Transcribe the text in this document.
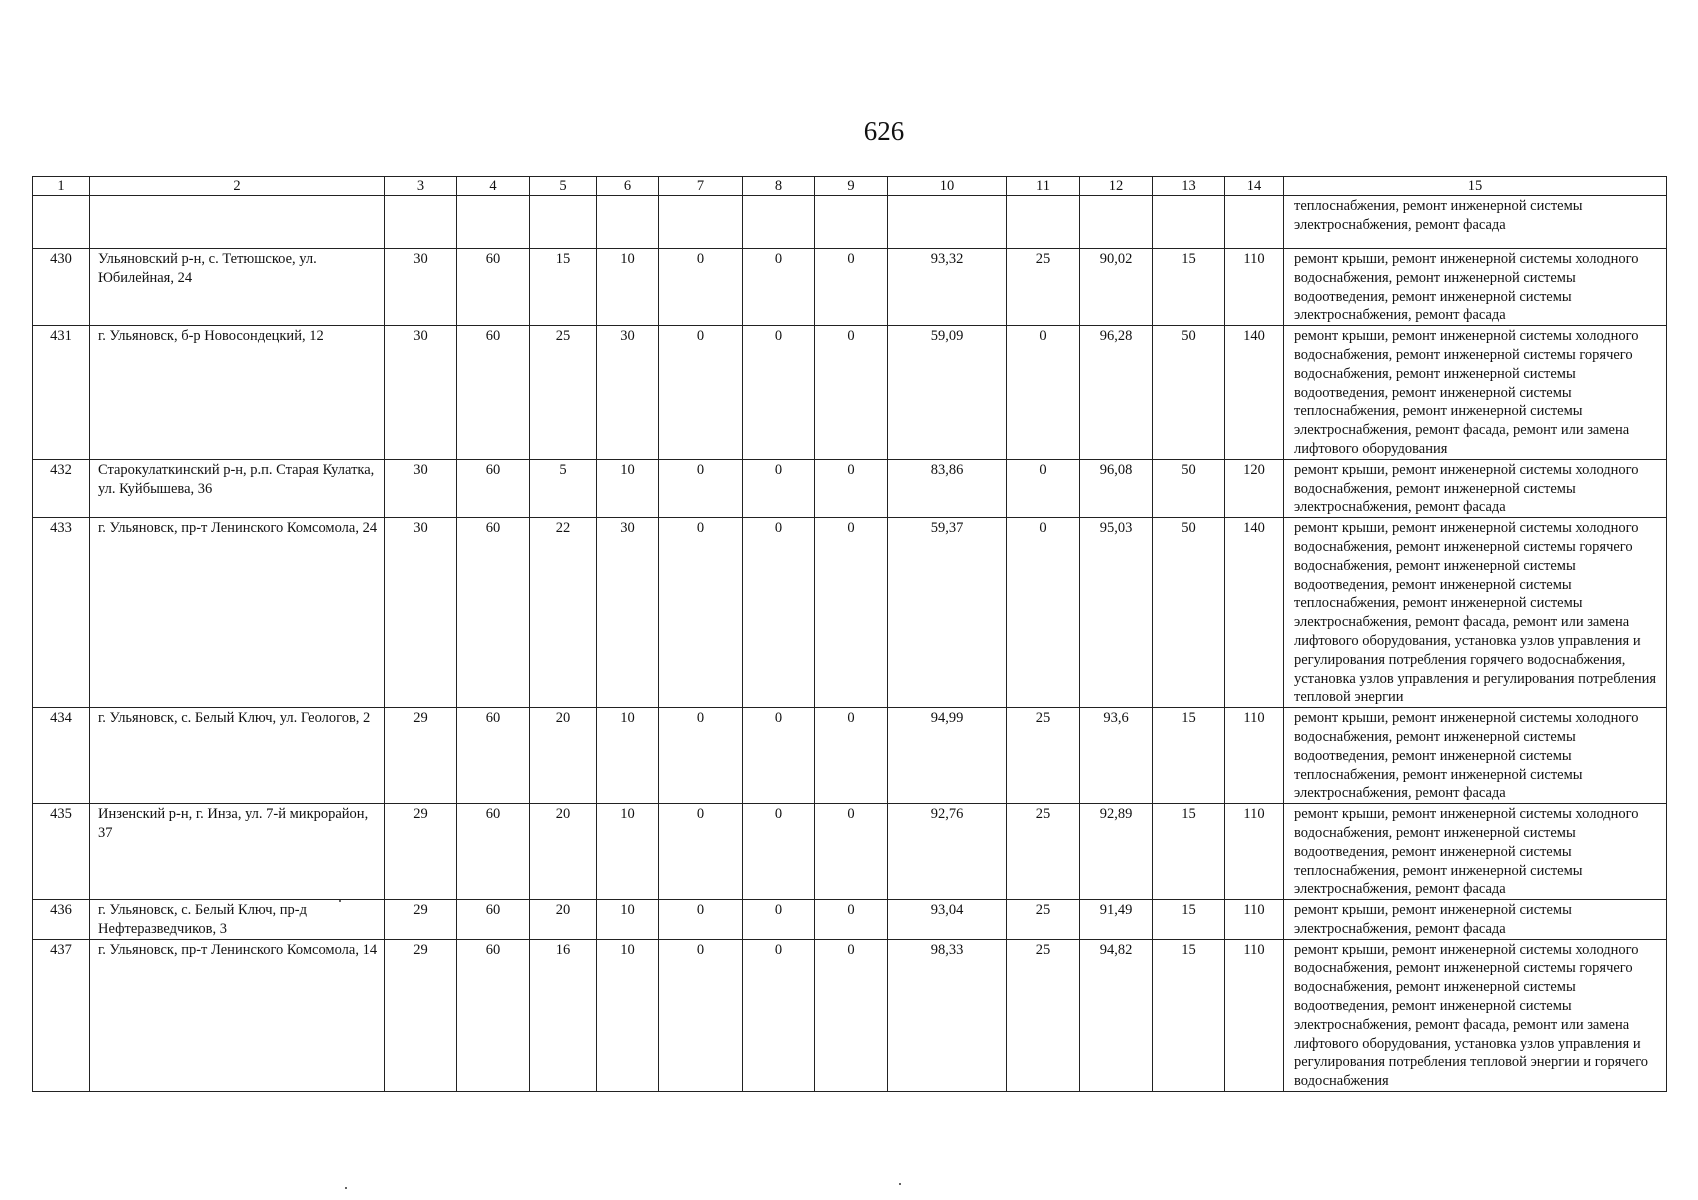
626
1	2	3	4	5	6	7	8	9	10	11	12	13	14	15
														теплоснабжения, ремонт инженерной системы электроснабжения, ремонт фасада
430	Ульяновский р-н, с. Тетюшское, ул. Юбилейная, 24	30	60	15	10	0	0	0	93,32	25	90,02	15	110	ремонт крыши, ремонт инженерной системы холодного водоснабжения, ремонт инженерной системы водоотведения, ремонт инженерной системы электроснабжения, ремонт фасада
431	г. Ульяновск, б-р Новосондецкий, 12	30	60	25	30	0	0	0	59,09	0	96,28	50	140	ремонт крыши, ремонт инженерной системы холодного водоснабжения, ремонт инженерной системы горячего водоснабжения, ремонт инженерной системы водоотведения, ремонт инженерной системы теплоснабжения, ремонт инженерной системы электроснабжения, ремонт фасада, ремонт или замена лифтового оборудования
432	Старокулаткинский р-н, р.п. Старая Кулатка, ул. Куйбышева, 36	30	60	5	10	0	0	0	83,86	0	96,08	50	120	ремонт крыши, ремонт инженерной системы холодного водоснабжения, ремонт инженерной системы электроснабжения, ремонт фасада
433	г. Ульяновск, пр-т Ленинского Комсомола, 24	30	60	22	30	0	0	0	59,37	0	95,03	50	140	ремонт крыши, ремонт инженерной системы холодного водоснабжения, ремонт инженерной системы горячего водоснабжения, ремонт инженерной системы водоотведения, ремонт инженерной системы теплоснабжения, ремонт инженерной системы электроснабжения, ремонт фасада, ремонт или замена лифтового оборудования, установка узлов управления и регулирования потребления горячего водоснабжения, установка узлов управления и регулирования потребления тепловой энергии
434	г. Ульяновск, с. Белый Ключ, ул. Геологов, 2	29	60	20	10	0	0	0	94,99	25	93,6	15	110	ремонт крыши, ремонт инженерной системы холодного водоснабжения, ремонт инженерной системы водоотведения, ремонт инженерной системы теплоснабжения, ремонт инженерной системы электроснабжения, ремонт фасада
435	Инзенский р-н, г. Инза, ул. 7-й микрорайон, 37	29	60	20	10	0	0	0	92,76	25	92,89	15	110	ремонт крыши, ремонт инженерной системы холодного водоснабжения, ремонт инженерной системы водоотведения, ремонт инженерной системы теплоснабжения, ремонт инженерной системы электроснабжения, ремонт фасада
436	г. Ульяновск, с. Белый Ключ, пр-д Нефтеразведчиков, 3	29	60	20	10	0	0	0	93,04	25	91,49	15	110	ремонт крыши, ремонт инженерной системы электроснабжения, ремонт фасада
437	г. Ульяновск, пр-т Ленинского Комсомола, 14	29	60	16	10	0	0	0	98,33	25	94,82	15	110	ремонт крыши, ремонт инженерной системы холодного водоснабжения, ремонт инженерной системы горячего водоснабжения, ремонт инженерной системы водоотведения, ремонт инженерной системы электроснабжения, ремонт фасада, ремонт или замена лифтового оборудования, установка узлов управления и регулирования потребления тепловой энергии и горячего водоснабжения
